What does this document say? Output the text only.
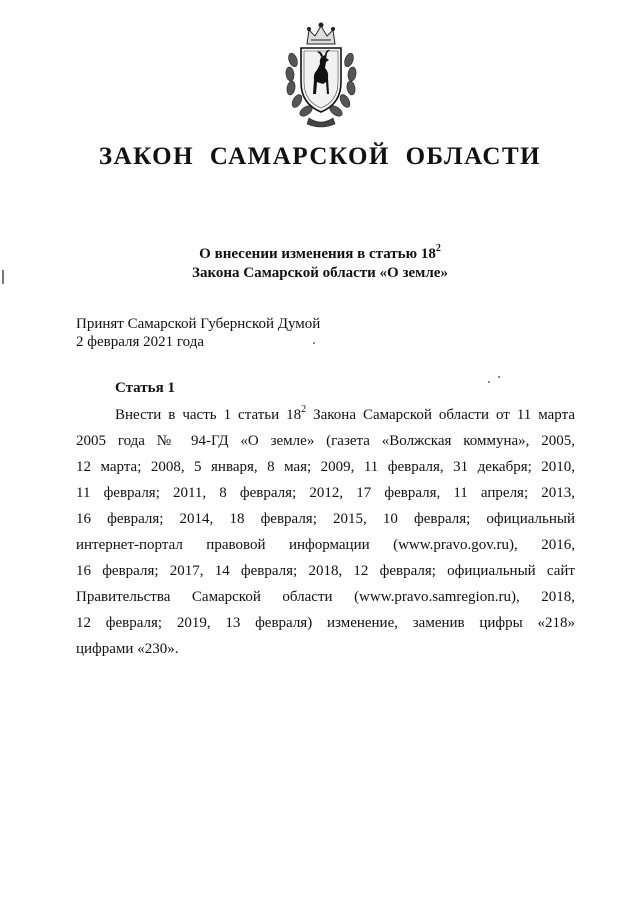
ЗАКОН САМАРСКОЙ ОБЛАСТИ
О внесении изменения в статью $18^2$
Закона Самарской области «О земле»
Принят Самарской Губернской Думой
2 февраля 2021 года
Статья 1
Внести в часть 1 статьи $18^2$ Закона Самарской области от 11 марта
2005 года № 94-ГД «О земле» (газета «Волжская коммуна», 2005,
12 марта; 2008, 5 января, 8 мая; 2009, 11 февраля, 31 декабря; 2010,
11 февраля; 2011, 8 февраля; 2012, 17 февраля, 11 апреля; 2013,
16 февраля; 2014, 18 февраля; 2015, 10 февраля; официальный
интернет-портал правовой информации (www.pravo.gov.ru), 2016,
16 февраля; 2017, 14 февраля; 2018, 12 февраля; официальный сайт
Правительства Самарской области (www.pravo.samregion.ru), 2018,
12 февраля; 2019, 13 февраля) изменение, заменив цифры «218»
цифрами «230».
